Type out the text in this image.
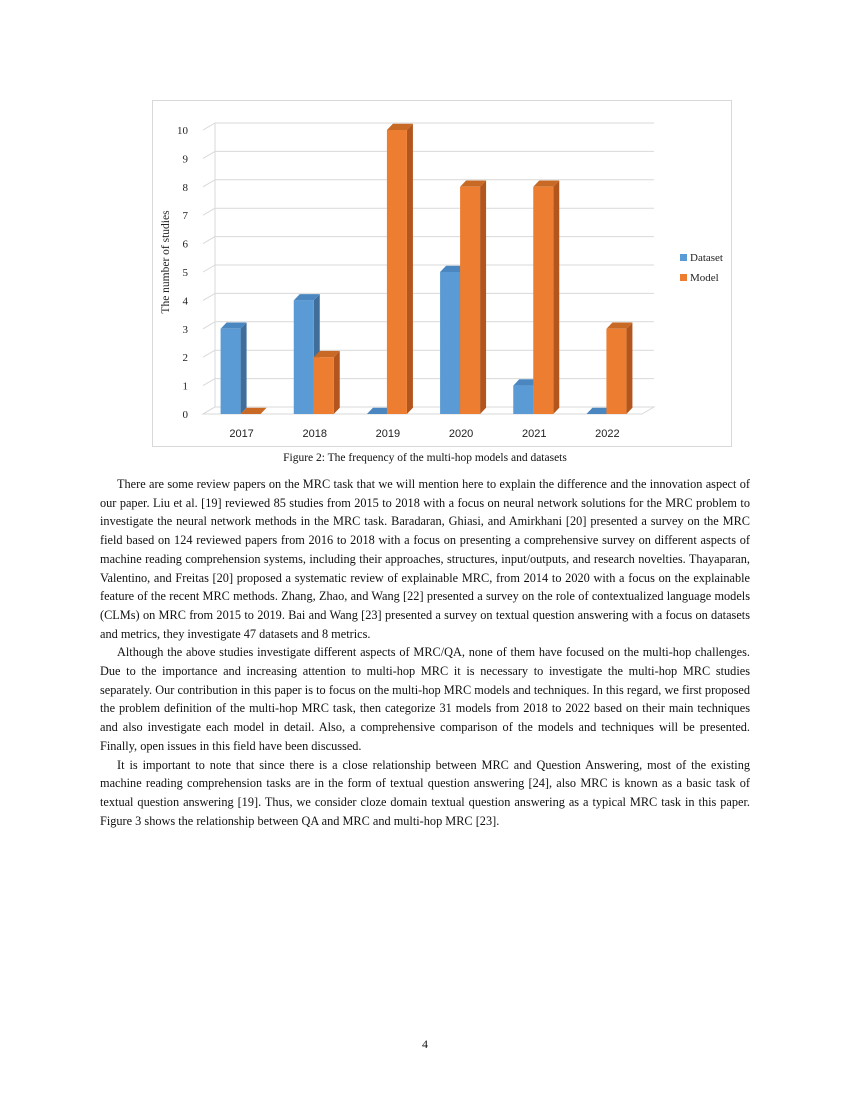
0
1
2
3
4
5
6
7
8
9
10
The number of studies
2017	2018	2019	2020	2021	2022
Dataset
Model
Figure 2: The frequency of the multi-hop models and datasets

There are some review papers on the MRC task that we will mention here to explain the difference and the innovation aspect of our paper. Liu et al. [19] reviewed 85 studies from 2015 to 2018 with a focus on neural network solutions for the MRC problem to investigate the neural network methods in the MRC task. Baradaran, Ghiasi, and Amirkhani [20] presented a survey on the MRC field based on 124 reviewed papers from 2016 to 2018 with a focus on presenting a comprehensive survey on different aspects of machine reading comprehension systems, including their approaches, structures, input/outputs, and research novelties. Thayaparan, Valentino, and Freitas [20] proposed a systematic review of explainable MRC, from 2014 to 2020 with a focus on the explainable feature of the recent MRC methods. Zhang, Zhao, and Wang [22] presented a survey on the role of contextualized language models (CLMs) on MRC from 2015 to 2019. Bai and Wang [23] presented a survey on textual question answering with a focus on datasets and metrics, they investigate 47 datasets and 8 metrics.

Although the above studies investigate different aspects of MRC/QA, none of them have focused on the multi-hop challenges. Due to the importance and increasing attention to multi-hop MRC it is necessary to investigate the multi-hop MRC studies separately. Our contribution in this paper is to focus on the multi-hop MRC models and techniques. In this regard, we first proposed the problem definition of the multi-hop MRC task, then categorize 31 models from 2018 to 2022 based on their main techniques and also investigate each model in detail. Also, a comprehensive comparison of the models and techniques will be presented. Finally, open issues in this field have been discussed.

It is important to note that since there is a close relationship between MRC and Question Answering, most of the existing machine reading comprehension tasks are in the form of textual question answering [24], also MRC is known as a basic task of textual question answering [19]. Thus, we consider cloze domain textual question answering as a typical MRC task in this paper. Figure 3 shows the relationship between QA and MRC and multi-hop MRC [23].

4
